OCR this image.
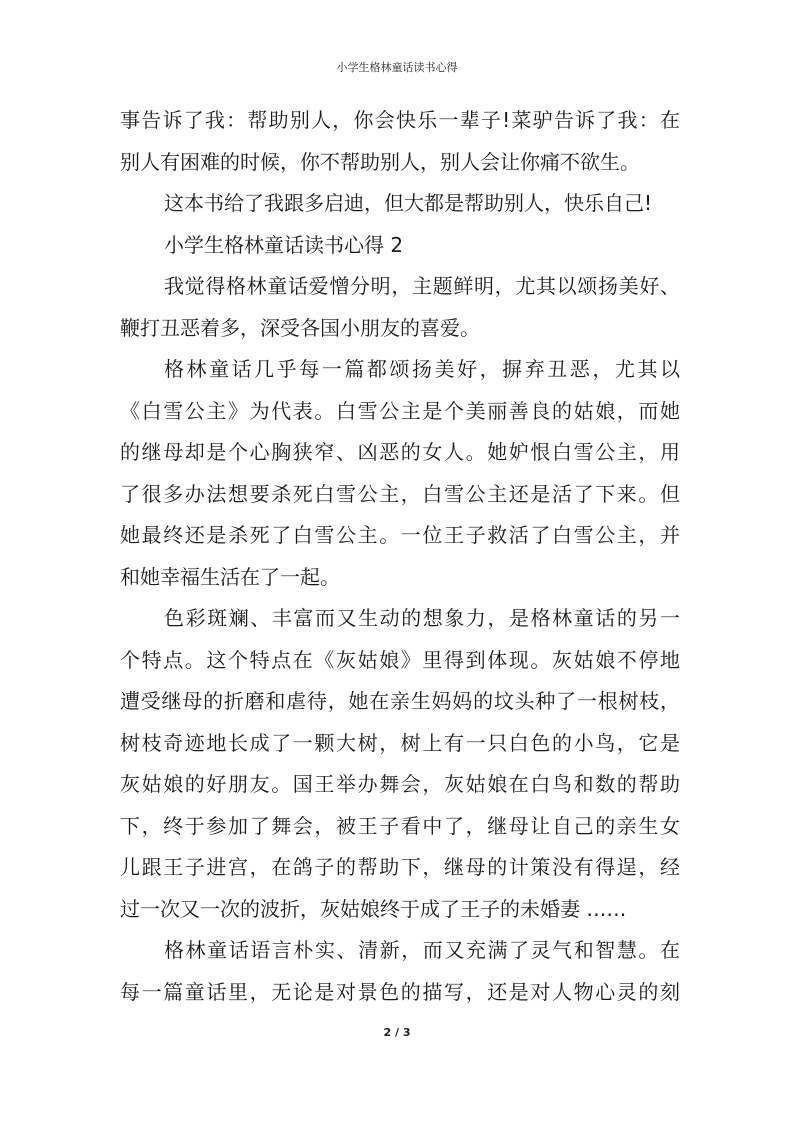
小学生格林童话读书心得
事告诉了我：帮助别人，你会快乐一辈子!菜驴告诉了我：在
别人有困难的时候，你不帮助别人，别人会让你痛不欲生。
这本书给了我跟多启迪，但大都是帮助别人，快乐自己!
小学生格林童话读书心得 2
我觉得格林童话爱憎分明，主题鲜明，尤其以颂扬美好、
鞭打丑恶着多，深受各国小朋友的喜爱。
格林童话几乎每一篇都颂扬美好，摒弃丑恶，尤其以
《白雪公主》为代表。白雪公主是个美丽善良的姑娘，而她
的继母却是个心胸狭窄、凶恶的女人。她妒恨白雪公主，用
了很多办法想要杀死白雪公主，白雪公主还是活了下来。但
她最终还是杀死了白雪公主。一位王子救活了白雪公主，并
和她幸福生活在了一起。
色彩斑斓、丰富而又生动的想象力，是格林童话的另一
个特点。这个特点在《灰姑娘》里得到体现。灰姑娘不停地
遭受继母的折磨和虐待，她在亲生妈妈的坟头种了一根树枝，
树枝奇迹地长成了一颗大树，树上有一只白色的小鸟，它是
灰姑娘的好朋友。国王举办舞会，灰姑娘在白鸟和数的帮助
下，终于参加了舞会，被王子看中了，继母让自己的亲生女
儿跟王子进宫，在鸽子的帮助下，继母的计策没有得逞，经
过一次又一次的波折，灰姑娘终于成了王子的未婚妻 ……
格林童话语言朴实、清新，而又充满了灵气和智慧。在
每一篇童话里，无论是对景色的描写，还是对人物心灵的刻
2 / 3
